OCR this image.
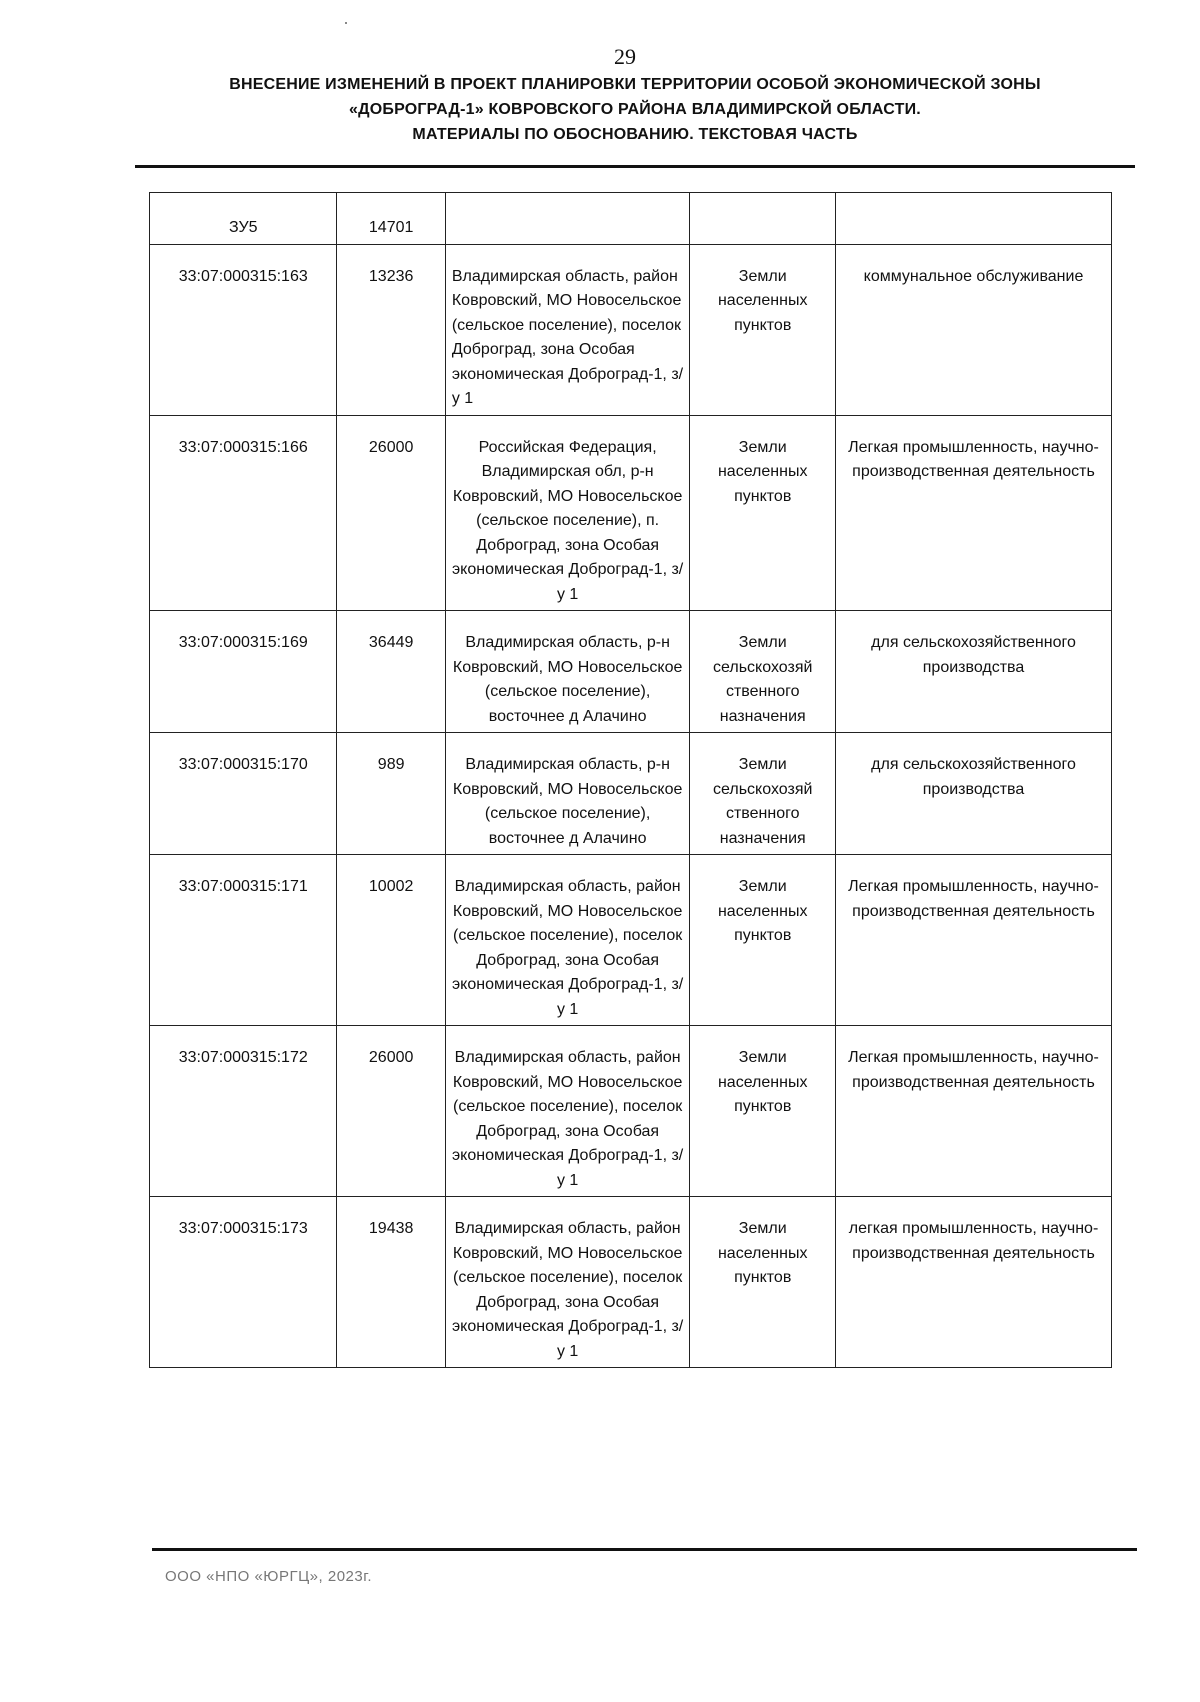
29
ВНЕСЕНИЕ ИЗМЕНЕНИЙ В ПРОЕКТ ПЛАНИРОВКИ ТЕРРИТОРИИ ОСОБОЙ ЭКОНОМИЧЕСКОЙ ЗОНЫ
«ДОБРОГРАД-1» КОВРОВСКОГО РАЙОНА ВЛАДИМИРСКОЙ ОБЛАСТИ.
МАТЕРИАЛЫ ПО ОБОСНОВАНИЮ. ТЕКСТОВАЯ ЧАСТЬ
ЗУ5	14701			
33:07:000315:163	13236	Владимирская область, район Ковровский, МО Новосельское (сельское поселение), поселок Доброград, зона Особая экономическая Доброград-1, з/у 1	Земли населенных пунктов	коммунальное обслуживание
33:07:000315:166	26000	Российская Федерация, Владимирская обл, р-н Ковровский, МО Новосельское (сельское поселение), п. Доброград, зона Особая экономическая Доброград-1, з/у 1	Земли населенных пунктов	Легкая промышленность, научно-производственная деятельность
33:07:000315:169	36449	Владимирская область, р-н Ковровский, МО Новосельское (сельское поселение), восточнее д Алачино	Земли сельскохозяй ственного назначения	для сельскохозяйственного производства
33:07:000315:170	989	Владимирская область, р-н Ковровский, МО Новосельское (сельское поселение), восточнее д Алачино	Земли сельскохозяй ственного назначения	для сельскохозяйственного производства
33:07:000315:171	10002	Владимирская область, район Ковровский, МО Новосельское (сельское поселение), поселок Доброград, зона Особая экономическая Доброград-1, з/у 1	Земли населенных пунктов	Легкая промышленность, научно-производственная деятельность
33:07:000315:172	26000	Владимирская область, район Ковровский, МО Новосельское (сельское поселение), поселок Доброград, зона Особая экономическая Доброград-1, з/у 1	Земли населенных пунктов	Легкая промышленность, научно-производственная деятельность
33:07:000315:173	19438	Владимирская область, район Ковровский, МО Новосельское (сельское поселение), поселок Доброград, зона Особая экономическая Доброград-1, з/у 1	Земли населенных пунктов	легкая промышленность, научно-производственная деятельность
ООО «НПО «ЮРГЦ», 2023г.
